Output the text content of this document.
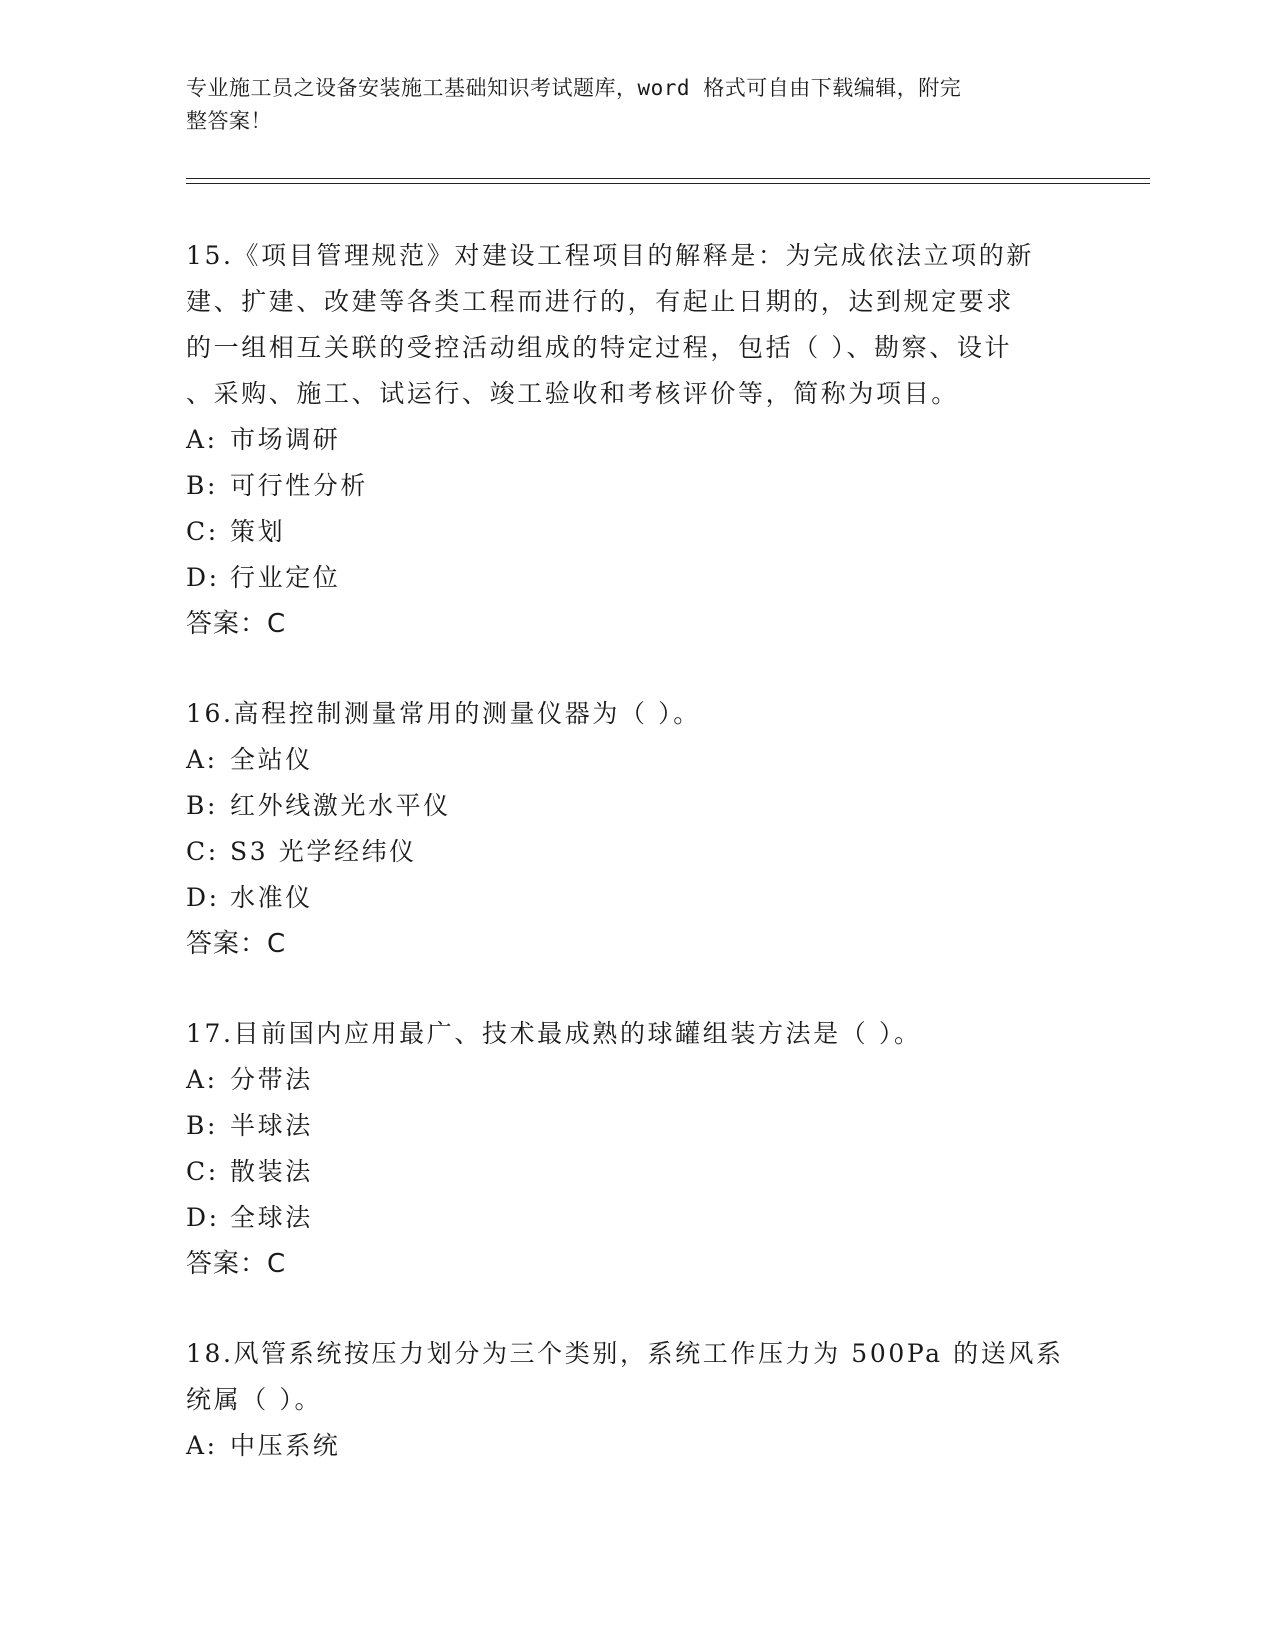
专业施工员之设备安装施工基础知识考试题库，word 格式可自由下载编辑，附完
整答案！
15.《项目管理规范》对建设工程项目的解释是：为完成依法立项的新
建、扩建、改建等各类工程而进行的，有起止日期的，达到规定要求
的一组相互关联的受控活动组成的特定过程，包括（ ）、勘察、设计
、采购、施工、试运行、竣工验收和考核评价等，简称为项目。
A: 市场调研
B: 可行性分析
C: 策划
D: 行业定位
答案：C
16.高程控制测量常用的测量仪器为（ ）。
A: 全站仪
B: 红外线激光水平仪
C: S3 光学经纬仪
D: 水准仪
答案：C
17.目前国内应用最广、技术最成熟的球罐组装方法是（ ）。
A: 分带法
B: 半球法
C: 散装法
D: 全球法
答案：C
18.风管系统按压力划分为三个类别，系统工作压力为 500Pa 的送风系
统属（ ）。
A: 中压系统
